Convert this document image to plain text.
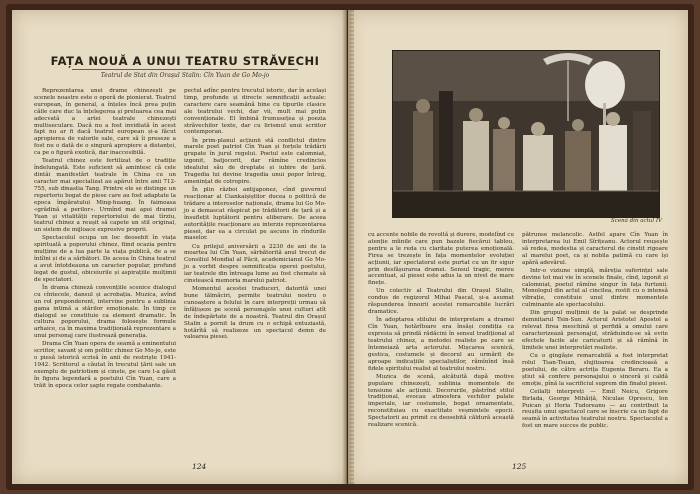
FAȚA NOUĂ A UNUI TEATRU STRĂVECHI

Teatrul de Stat din Orașul Stalin: Cîn Yuan de Go Mo-jo

Reprezentarea unei drame chinezești pe scenele noastre este o operă de pionierat. Teatrul european, în general, a înțeles încă prea puțin căile care duc la înțelegerea și preluarea cea mai adecvată a artei teatrale chinezești multiseculare. Dacă nu a fost invidiată în acest fapt nu ar fi dacă teatrul european și-a făcut apropierea de valorile sale, care să îi preseze a fost nu o dată de o singură apropiere a distanței, ca pe o figură exotică, dar inaccesibilă.

Teatrul chinez este fertilizat de o tradiție îndelungată. Este suficient să amintesc că cele dintâi manifestări teatrale în China cu un caracter mai specializat au apărut între anii 712-755, sub dinastia Tang. Printre ele se distinge un repertoriu bogat de piese care au fost adaptate la epoca împăratului Ming-huang. În faimoasa «grădină a perilor». Urmînd mai apoi dramei Yuan și vitalității repertoriului de mai tîrziu, teatrul chinez a reușit să capete un stil original, un sistem de mijloace expresive proprii.

Spectacolul ocupa un loc deosebit în viața spirituală a poporului chinez, fiind ocazia pentru mulțime de a lua parte la viața publică, de a se întîlni și de a sărbători. De aceea în China teatrul a avut întotdeauna un caracter popular, profund legat de gustul, obiceiurile și aspirațiile mulțimii de spectatori.

În drama chineză convențiile scenice dialogul cu cîntecele, dansul și acrobația. Muzica, avînd un rol preponderent, intervine pentru a sublinia gama intimă a stărilor emoționale. În timp ce dialogul se constituie ca element dramatic. În cultura poporului, drama folosește formule arhaice, ca în maxima tradițională reprezentare a unui personaj care ilustrează generația.

Drama Cîn Yuan opera de seamă a eminentului scriitor, savant și om politic chinez Go Mo-jo, este o piesă istorică scrisă în anii de restriște 1941-1942. Scriitorul a căutat în trecutul țării sale un exemplu de patriotism și cinste, pe care l-a găsit în figura legendară a poetului Cîn Yuan, care a trăit în epoca celor șapte regate combatante.

pectul adînc pentru trecutul istoric, dar în același timp, profunde și directe semnificații actuale: caractere care seamănă bine cu tipurile clasice ale teatrului vechi, dar vii, mult mai puțin convenționale. El îmbină frumusețea și poezia străvechilor texte, dar cu lirismul unui scriitor contemporan.

În prim-planul acțiunii stă conflictul dintre marele poet patriot Cîn Yuan și forțele trădării grupate în jurul regelui. Poetul este calomniat, izgonit, batjocorit, dar rămîne credincios idealului său de dreptate și iubire de țară. Tragedia lui devine tragedia unui popor întreg, amenințat de cotropire.

În plin război antijaponez, cînd guvernul reacționar al Ciankaișiștilor ducea o politică de trădare a intereselor naționale, drama lui Go Mo-jo a demascat răspicat pe trădătorii de țară și a însuflețit luptătorii pentru eliberare. De aceea autoritățile reacționare au interzis reprezentarea piesei, dar ea a circulat pe ascuns în rîndurile maselor.

Cu prilejul aniversării a 2230 de ani de la moartea lui Cîn Yuan, sărbătorită anul trecut de Consiliul Mondial al Păcii, academicianul Go Mo-jo a vorbit despre semnificația operei poetului, iar teatrele din întreaga lume au fost chemate să cinstească memoria marelui patriot.

Momentul acestei traduceri, datorită unei bune tălmăciri, permite teatrului nostru o cunoaștere a felului în care interpreții urmau să înfățișeze pe scenă personajele unei culturi atît de îndepărtate de a noastră. Teatrul din Orașul Stalin a pornit la drum cu o echipă entuziastă, hotărîtă să realizeze un spectacol demn de valoarea piesei.

124
Scenă din actul IV

cu accente nobile de revoltă și durere, modelînd cu atenție mîinile care pun bazele fiecărui tablou, pentru a le reda cu claritate puterea emoțională. Firea se trezește în fața momentelor evoluției acțiunii, iar spectatorul este purtat cu un fir sigur prin desfășurarea dramei. Sensul tragic, mereu accentuat, al piesei este adus la un nivel de mare finețe.

Un colectiv al Teatrului din Orașul Stalin, condus de regizorul Mihai Pascal, și-a asumat răspunderea înnoirii acestei remarcabile lucrări dramatice.

În adoptarea stilului de interpretare a dramei Cîn Yuan, hotărîtoare era însăși condiția ca expresia să prindă rădăcini în sensul tradițional al teatrului chinez, a metodei realiste pe care se întemeiază arta actorului. Mișcarea scenică, gestica, costumele și decorul au urmărit de aproape indicațiile specialiștilor, rămînînd însă fidele spiritului realist al teatrului nostru.

Muzica de scenă, alcătuită după motive populare chinezești, sublinia momentele de tensiune ale acțiunii. Decorurile, păstrînd stilul tradițional, evocau atmosfera vechilor palate imperiale, iar costumele, bogat ornamentate, reconstituiau cu exactitate veșmintele epocii. Spectatorii au primit cu deosebită căldură această realizare scenică.

pătrunse melancolic. Astfel apare Cîn Yuan în interpretarea lui Emil Sîrițeanu. Actorul reușește să redea, modestia și caracterul de cinstit rigoare al marelui poet, ca și nobila patimă cu care își apără adevărul.

Intr-o viziune simplă, măreția suferinței sale devine tot mai vie în scenele finale, cînd, izgonit și calomniat, poetul rămîne singur în fața furtunii. Monologul din actul al cincilea, rostit cu o intensă vibrație, constituie unul dintre momentele culminante ale spectacolului.

Din grupul mulțimii de la palat se desprinde demnitarul Tsin-Sun. Actorul Aristotel Apostol a relevat firea meschină și perfidă a omului care caracterizează personajul, străduindu-se să evite efectele facile ale caricaturii și să rămînă în limitele unei interpretări realiste.

Cu o gingășie remarcabilă a fost interpretat rolul Tsan-Tsuan, slujitoarea credincioasă a poetului, de către actrița Eugenia Beraru. Ea a știut să confere personajului o sinceră și caldă emoție, pînă la sacrificiul suprem din finalul piesei.

Ceilalți interpreți — Emil Neicu, Grigore Birlada, George Mihăiță, Niculae Oprescu, Ion Puican și Horia Tudoreanu — au contribuit la reușita unui spectacol care se înscrie ca un fapt de seamă în activitatea teatrului nostru. Spectacolul a fost un mare succes de public.

125
